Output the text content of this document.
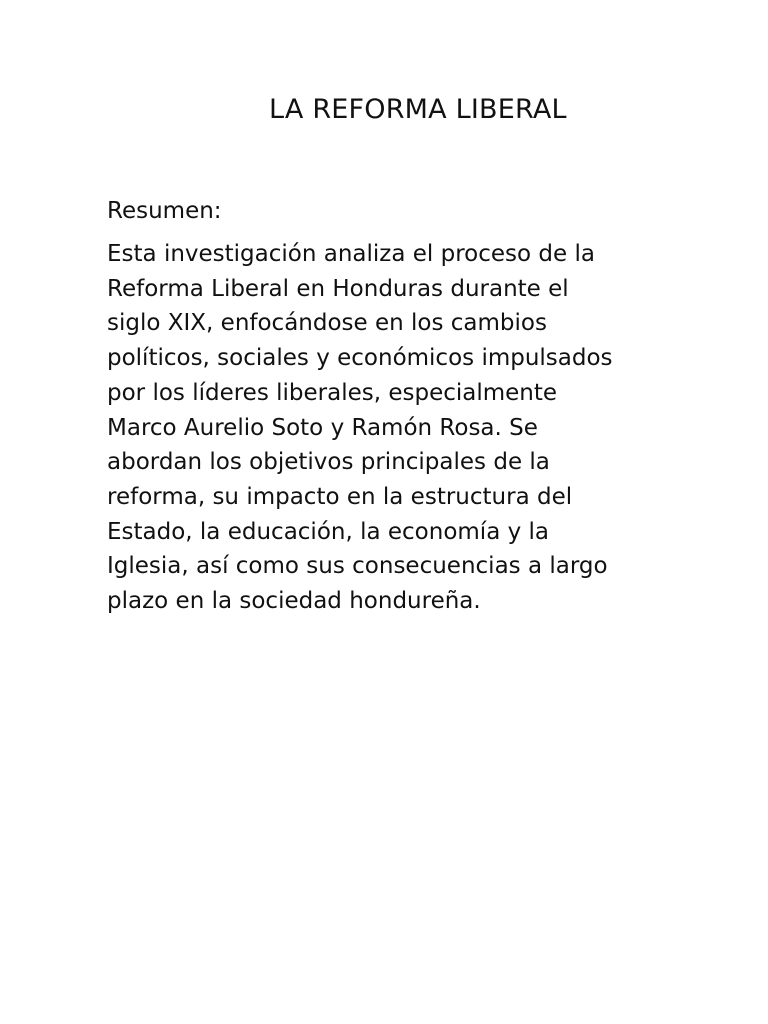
LA REFORMA LIBERAL

Resumen:

Esta investigación analiza el proceso de la
Reforma Liberal en Honduras durante el
siglo XIX, enfocándose en los cambios
políticos, sociales y económicos impulsados
por los líderes liberales, especialmente
Marco Aurelio Soto y Ramón Rosa. Se
abordan los objetivos principales de la
reforma, su impacto en la estructura del
Estado, la educación, la economía y la
Iglesia, así como sus consecuencias a largo
plazo en la sociedad hondureña.
